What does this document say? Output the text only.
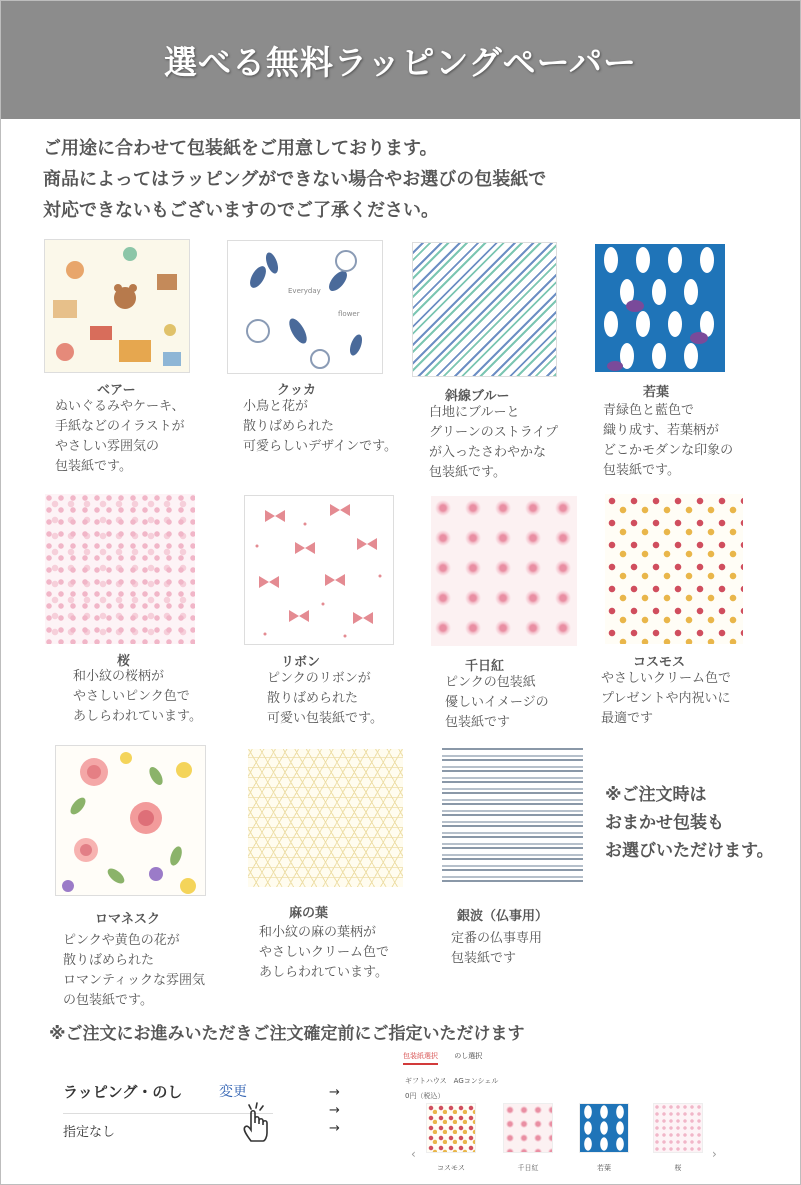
選べる無料ラッピングペーパー
ご用途に合わせて包装紙をご用意しております。
商品によってはラッピングができない場合やお選びの包装紙で
対応できないもございますのでご了承ください。
ベアー
ぬいぐるみやケーキ、
手紙などのイラストが
やさしい雰囲気の
包装紙です。
Everyday
flower
クッカ
小鳥と花が
散りばめられた
可愛らしいデザインです。
斜線ブルー
白地にブルーと
グリーンのストライプ
が入ったさわやかな
包装紙です。
若葉
青緑色と藍色で
織り成す、若葉柄が
どこかモダンな印象の
包装紙です。
桜
和小紋の桜柄が
やさしいピンク色で
あしらわれています。
リボン
ピンクのリボンが
散りばめられた
可愛い包装紙です。
千日紅
ピンクの包装紙
優しいイメージの
包装紙です
コスモス
やさしいクリーム色で
プレゼントや内祝いに
最適です
ロマネスク
ピンクや黄色の花が
散りばめられた
ロマンティックな雰囲気
の包装紙です。
麻の葉
和小紋の麻の葉柄が
やさしいクリーム色で
あしらわれています。
銀波（仏事用）
定番の仏事専用
包装紙です
※ご注文時は
おまかせ包装も
お選びいただけます。
※ご注文にお進みいただきご注文確定前にご指定いただけます
ラッピング・のし	変更
指定なし
→
→
→
包装紙選択 のし選択
ギフトハウス　AGコンシェル
0円（税込）
‹	›
コスモス	千日紅	若葉	桜
